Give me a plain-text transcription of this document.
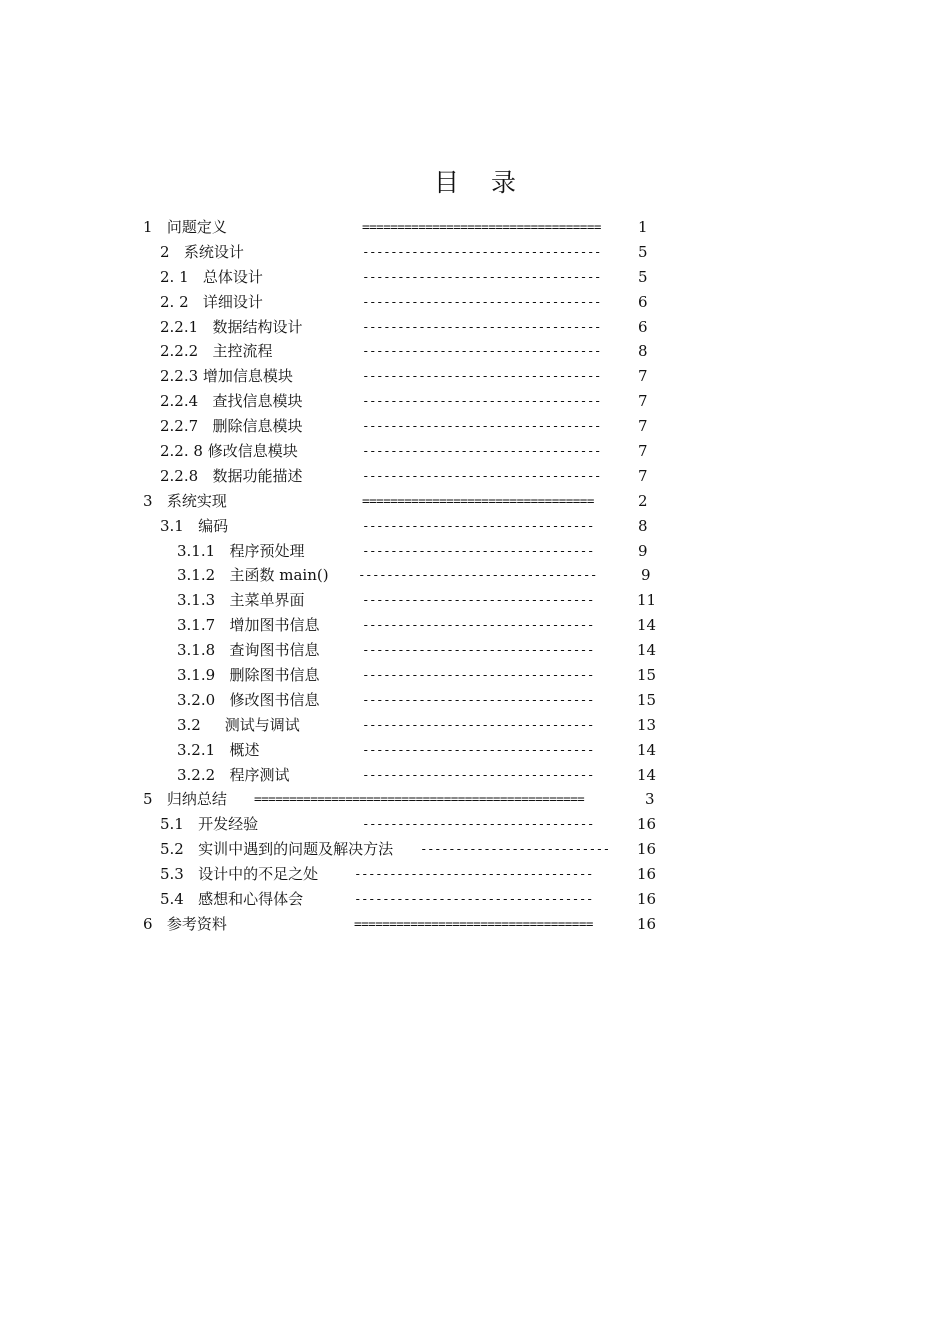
目 录
1   问题定义	==================================	1
2   系统设计	----------------------------------	5
2. 1   总体设计	----------------------------------	5
2. 2   详细设计	----------------------------------	6
2.2.1   数据结构设计	----------------------------------	6
2.2.2   主控流程	----------------------------------	8
2.2.3 增加信息模块	----------------------------------	7
2.2.4   查找信息模块	----------------------------------	7
2.2.7   删除信息模块	----------------------------------	7
2.2. 8 修改信息模块	----------------------------------	7
2.2.8   数据功能描述	----------------------------------	7
3   系统实现	=================================	2
3.1   编码	---------------------------------	8
3.1.1   程序预处理	---------------------------------	9
3.1.2   主函数 main() ----------------------------------	9
3.1.3   主菜单界面	---------------------------------	11
3.1.7   增加图书信息	---------------------------------	14
3.1.8   查询图书信息	---------------------------------	14
3.1.9   删除图书信息	---------------------------------	15
3.2.0   修改图书信息	---------------------------------	15
3.2     测试与调试	---------------------------------	13
3.2.1   概述	---------------------------------	14
3.2.2   程序测试	---------------------------------	14
5   归纳总结 ===============================================	3
5.1   开发经验	---------------------------------	16
5.2   实训中遇到的问题及解决方法 ---------------------------	16
5.3   设计中的不足之处	----------------------------------	16
5.4   感想和心得体会	----------------------------------	16
6   参考资料	==================================	16
